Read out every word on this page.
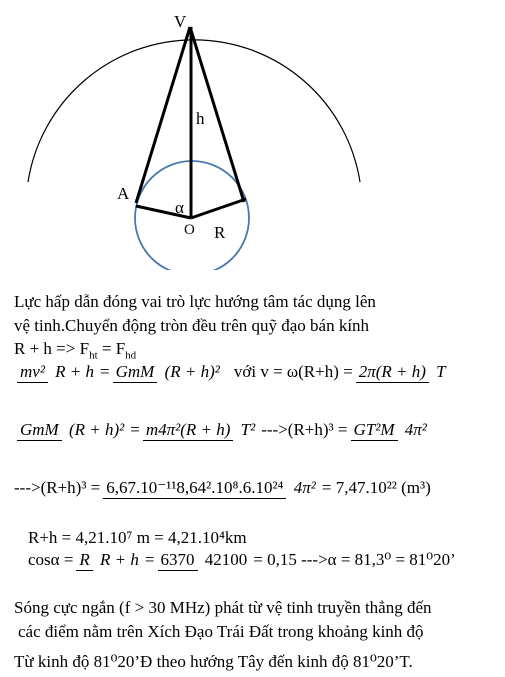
V
h
A
α
O R
Lực hấp dẫn đóng vai trò lực hướng tâm tác dụng lên
vệ tinh.Chuyển động tròn đều trên quỹ đạo bán kính
$R + h => F_{ht} = F_{hd}$
mv² R + h = GmM (R + h)² với v = ω(R+h) = 2π(R + h) T
GmM (R + h)² = m4π²(R + h) T² --->(R+h)³ = GT²M 4π²
--->(R+h)³ = 6,67.10⁻¹¹8,64².10⁸.6.10²⁴ 4π² = 7,47.10²² (m³)
R+h = 4,21.10⁷ m = 4,21.10⁴km
cosα = R R + h = 6370 42100 = 0,15 --->α = 81,3⁰ = 81⁰20’
Sóng cực ngắn (f > 30 MHz) phát từ vệ tinh truyền thẳng đến
các điểm nằm trên Xích Đạo Trái Đất trong khoảng kinh độ
Từ kinh độ 81⁰20’Đ theo hướng Tây đến kinh độ 81⁰20’T.
